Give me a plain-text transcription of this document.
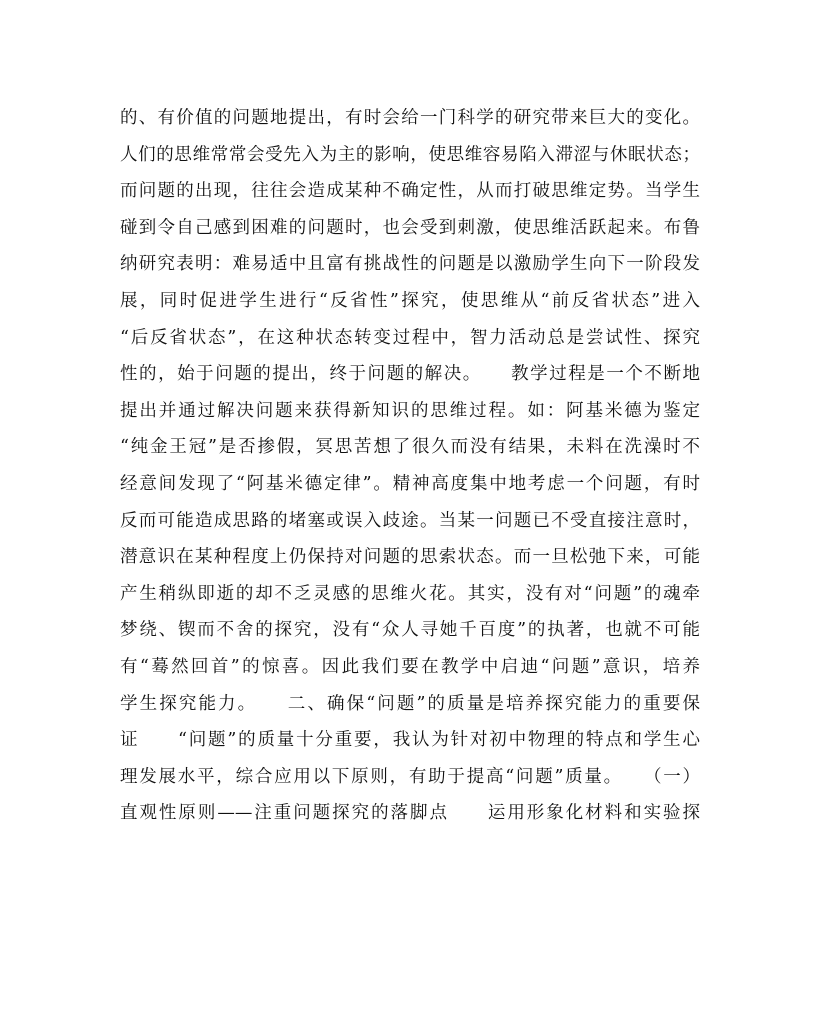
的、有价值的问题地提出，有时会给一门科学的研究带来巨大的变化。
人们的思维常常会受先入为主的影响，使思维容易陷入滞涩与休眠状态；
而问题的出现，往往会造成某种不确定性，从而打破思维定势。当学生
碰到令自己感到困难的问题时，也会受到刺激，使思维活跃起来。布鲁
纳研究表明：难易适中且富有挑战性的问题是以激励学生向下一阶段发
展，同时促进学生进行“反省性”探究，使思维从“前反省状态”进入
“后反省状态”，在这种状态转变过程中，智力活动总是尝试性、探究
性的，始于问题的提出，终于问题的解决。　　教学过程是一个不断地
提出并通过解决问题来获得新知识的思维过程。如：阿基米德为鉴定
“纯金王冠”是否掺假，冥思苦想了很久而没有结果，未料在洗澡时不
经意间发现了“阿基米德定律”。精神高度集中地考虑一个问题，有时
反而可能造成思路的堵塞或误入歧途。当某一问题已不受直接注意时，
潜意识在某种程度上仍保持对问题的思索状态。而一旦松弛下来，可能
产生稍纵即逝的却不乏灵感的思维火花。其实，没有对“问题”的魂牵
梦绕、锲而不舍的探究，没有“众人寻她千百度”的执著，也就不可能
有“蓦然回首”的惊喜。因此我们要在教学中启迪“问题”意识，培养
学生探究能力。　　二、确保“问题”的质量是培养探究能力的重要保
证　　“问题”的质量十分重要，我认为针对初中物理的特点和学生心
理发展水平，综合应用以下原则，有助于提高“问题”质量。　　（一）
直观性原则——注重问题探究的落脚点　　运用形象化材料和实验探
